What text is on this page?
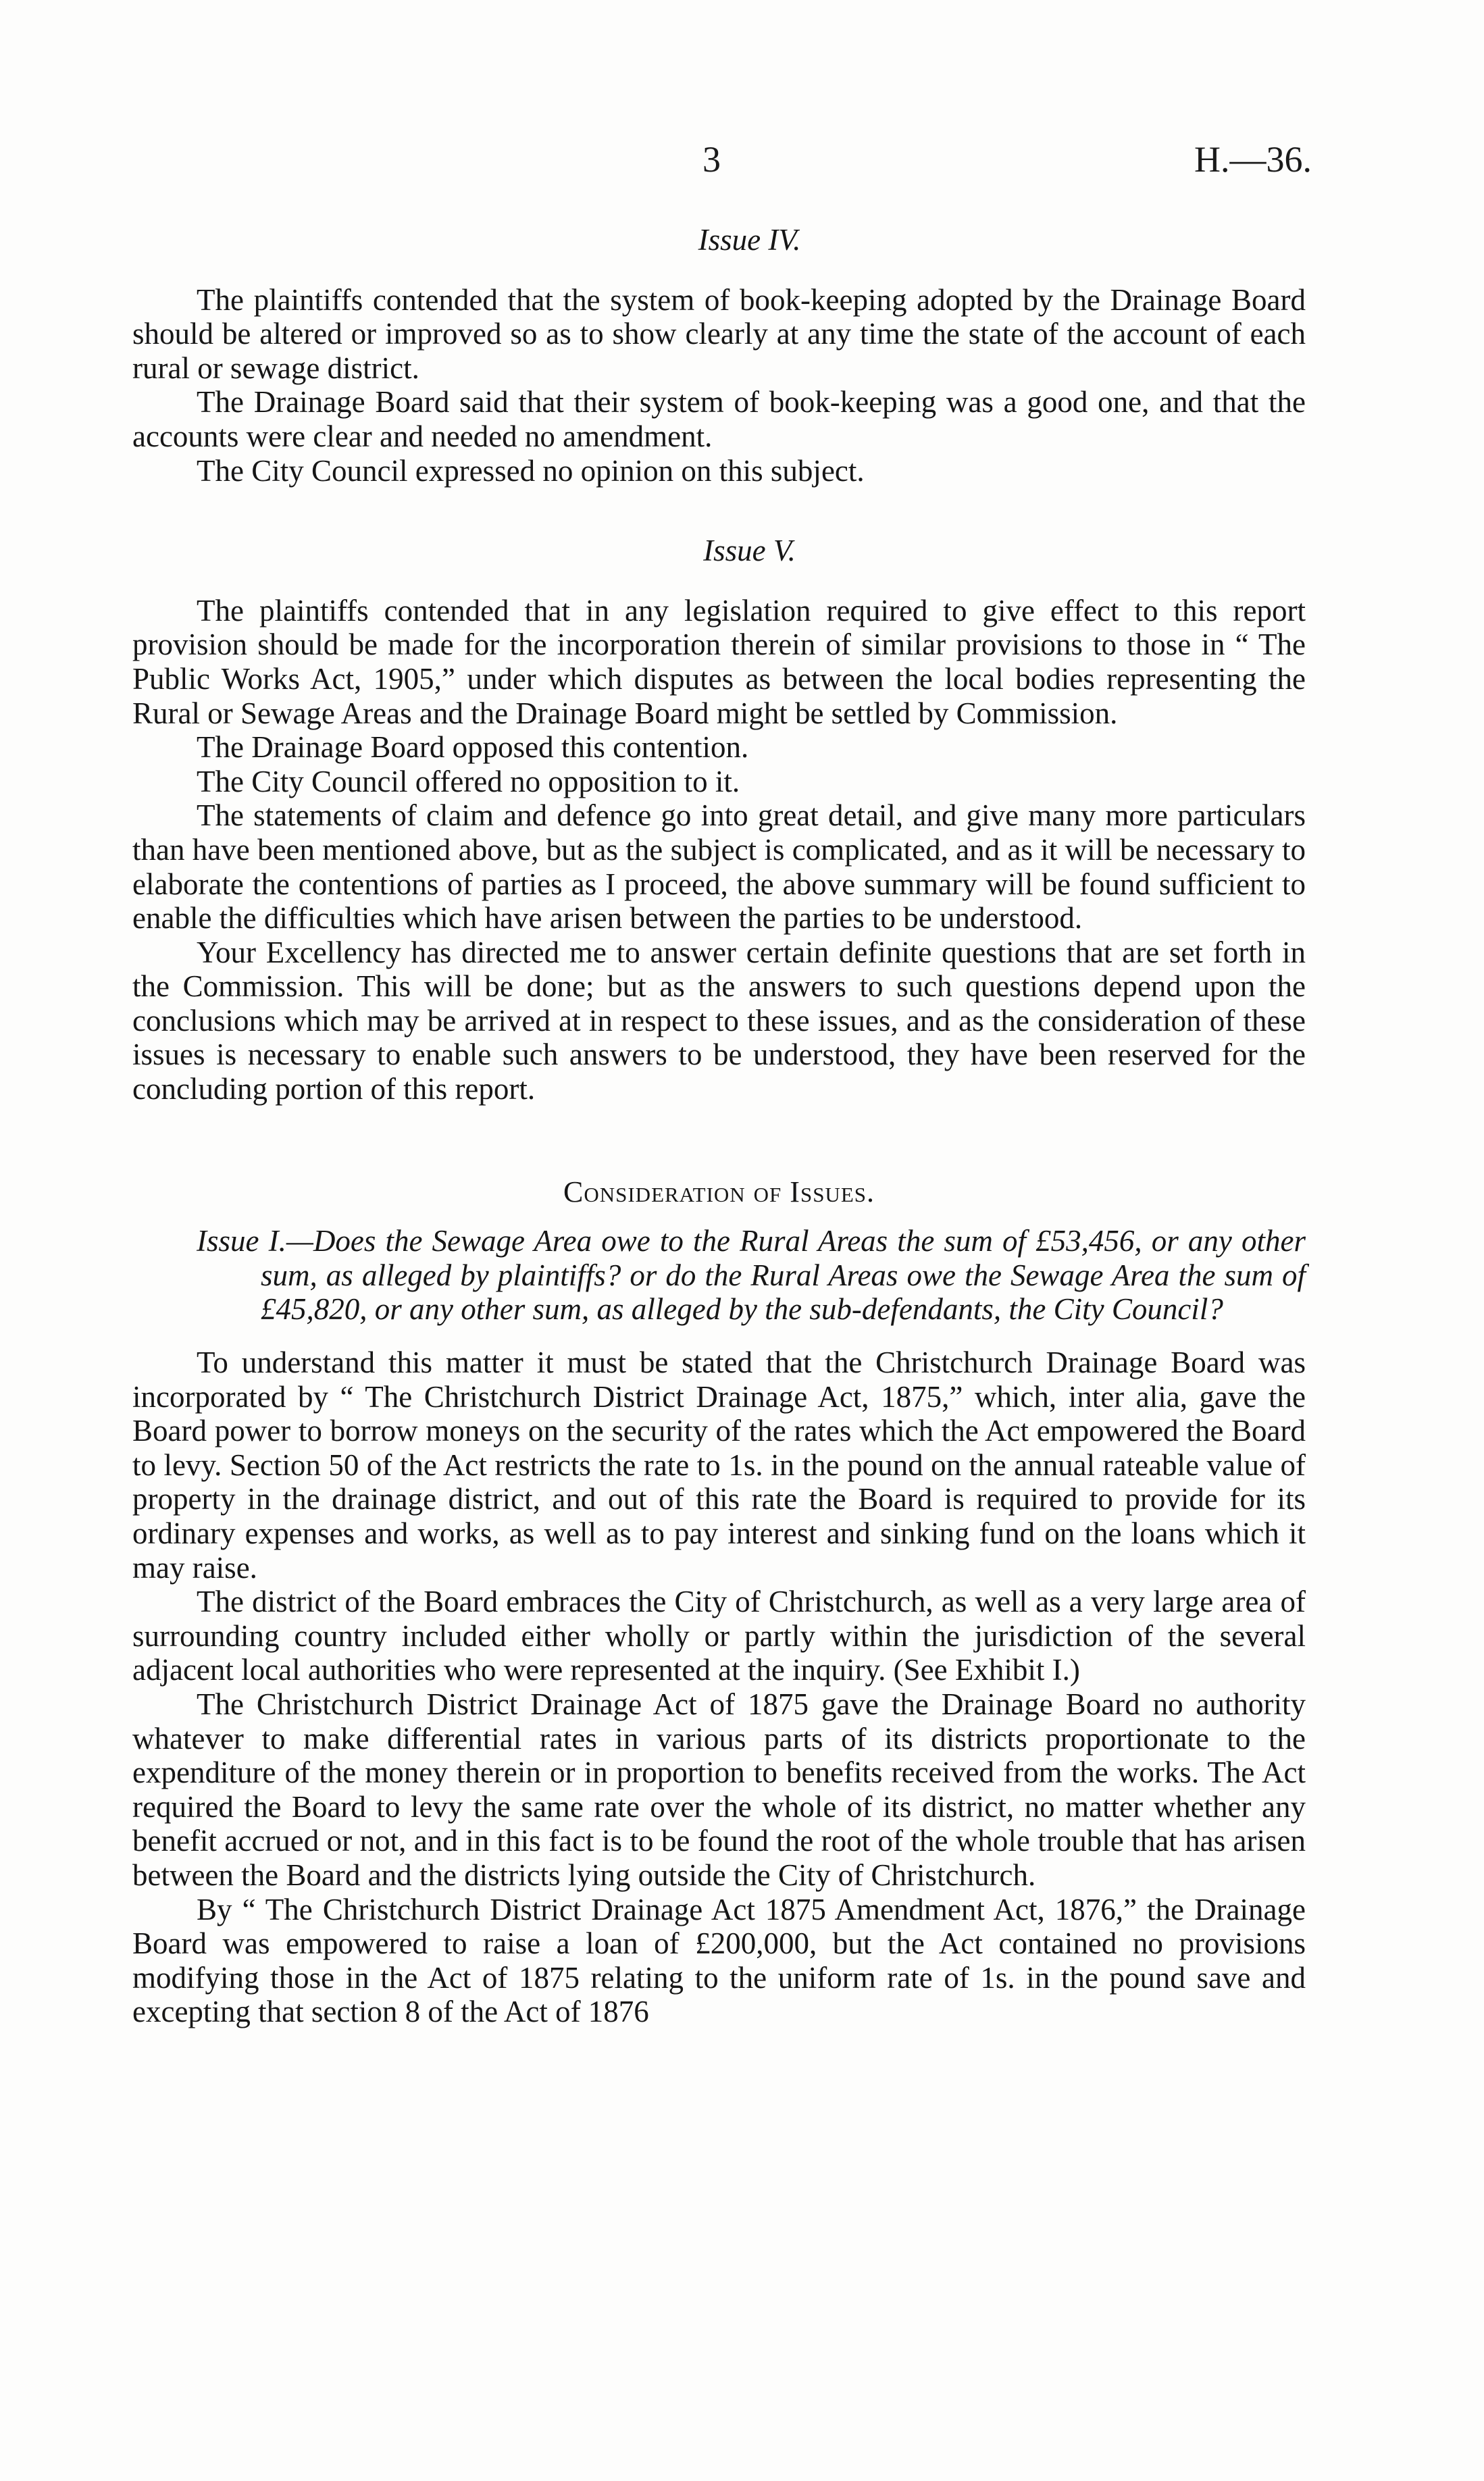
3	H.—36.

Issue IV.

The plaintiffs contended that the system of book-keeping adopted by the Drainage Board should be altered or improved so as to show clearly at any time the state of the account of each rural or sewage district.

The Drainage Board said that their system of book-keeping was a good one, and that the accounts were clear and needed no amendment.

The City Council expressed no opinion on this subject.

Issue V.

The plaintiffs contended that in any legislation required to give effect to this report provision should be made for the incorporation therein of similar provisions to those in “ The Public Works Act, 1905,” under which disputes as between the local bodies representing the Rural or Sewage Areas and the Drainage Board might be settled by Commission.

The Drainage Board opposed this contention.

The City Council offered no opposition to it.

The statements of claim and defence go into great detail, and give many more particulars than have been mentioned above, but as the subject is complicated, and as it will be necessary to elaborate the contentions of parties as I proceed, the above summary will be found sufficient to enable the difficulties which have arisen between the parties to be understood.

Your Excellency has directed me to answer certain definite questions that are set forth in the Commission. This will be done; but as the answers to such questions depend upon the conclusions which may be arrived at in respect to these issues, and as the consideration of these issues is necessary to enable such answers to be understood, they have been reserved for the concluding portion of this report.

Consideration of Issues.

Issue I.—Does the Sewage Area owe to the Rural Areas the sum of £53,456, or any other sum, as alleged by plaintiffs? or do the Rural Areas owe the Sewage Area the sum of £45,820, or any other sum, as alleged by the sub-defendants, the City Council?

To understand this matter it must be stated that the Christchurch Drainage Board was incorporated by “ The Christchurch District Drainage Act, 1875,” which, inter alia, gave the Board power to borrow moneys on the security of the rates which the Act empowered the Board to levy. Section 50 of the Act restricts the rate to 1s. in the pound on the annual rateable value of property in the drainage district, and out of this rate the Board is required to provide for its ordinary expenses and works, as well as to pay interest and sinking fund on the loans which it may raise.

The district of the Board embraces the City of Christchurch, as well as a very large area of surrounding country included either wholly or partly within the jurisdiction of the several adjacent local authorities who were represented at the inquiry. (See Exhibit I.)

The Christchurch District Drainage Act of 1875 gave the Drainage Board no authority whatever to make differential rates in various parts of its districts proportionate to the expenditure of the money therein or in proportion to benefits received from the works. The Act required the Board to levy the same rate over the whole of its district, no matter whether any benefit accrued or not, and in this fact is to be found the root of the whole trouble that has arisen between the Board and the districts lying outside the City of Christchurch.

By “ The Christchurch District Drainage Act 1875 Amendment Act, 1876,” the Drainage Board was empowered to raise a loan of £200,000, but the Act contained no provisions modifying those in the Act of 1875 relating to the uniform rate of 1s. in the pound save and excepting that section 8 of the Act of 1876
